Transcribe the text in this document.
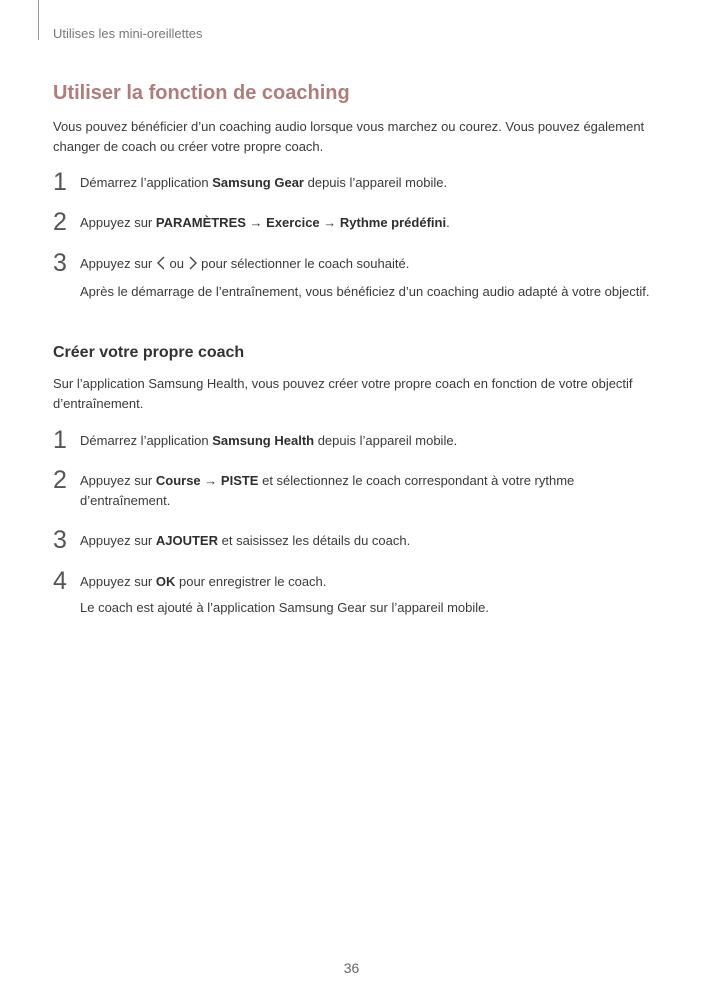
Utilises les mini-oreillettes
Utiliser la fonction de coaching

Vous pouvez bénéficier d’un coaching audio lorsque vous marchez ou courez. Vous pouvez également changer de coach ou créer votre propre coach.

1	Démarrez l’application Samsung Gear depuis l’appareil mobile.
2	Appuyez sur PARAMÈTRES → Exercice → Rythme prédéfini.
3	Appuyez sur  ou  pour sélectionner le coach souhaité.
Après le démarrage de l’entraînement, vous bénéficiez d’un coaching audio adapté à votre objectif.
Créer votre propre coach

Sur l’application Samsung Health, vous pouvez créer votre propre coach en fonction de votre objectif d’entraînement.

1	Démarrez l’application Samsung Health depuis l’appareil mobile.
2	Appuyez sur Course → PISTE et sélectionnez le coach correspondant à votre rythme d’entraînement.
3	Appuyez sur AJOUTER et saisissez les détails du coach.
4	Appuyez sur OK pour enregistrer le coach.
Le coach est ajouté à l’application Samsung Gear sur l’appareil mobile.
36
